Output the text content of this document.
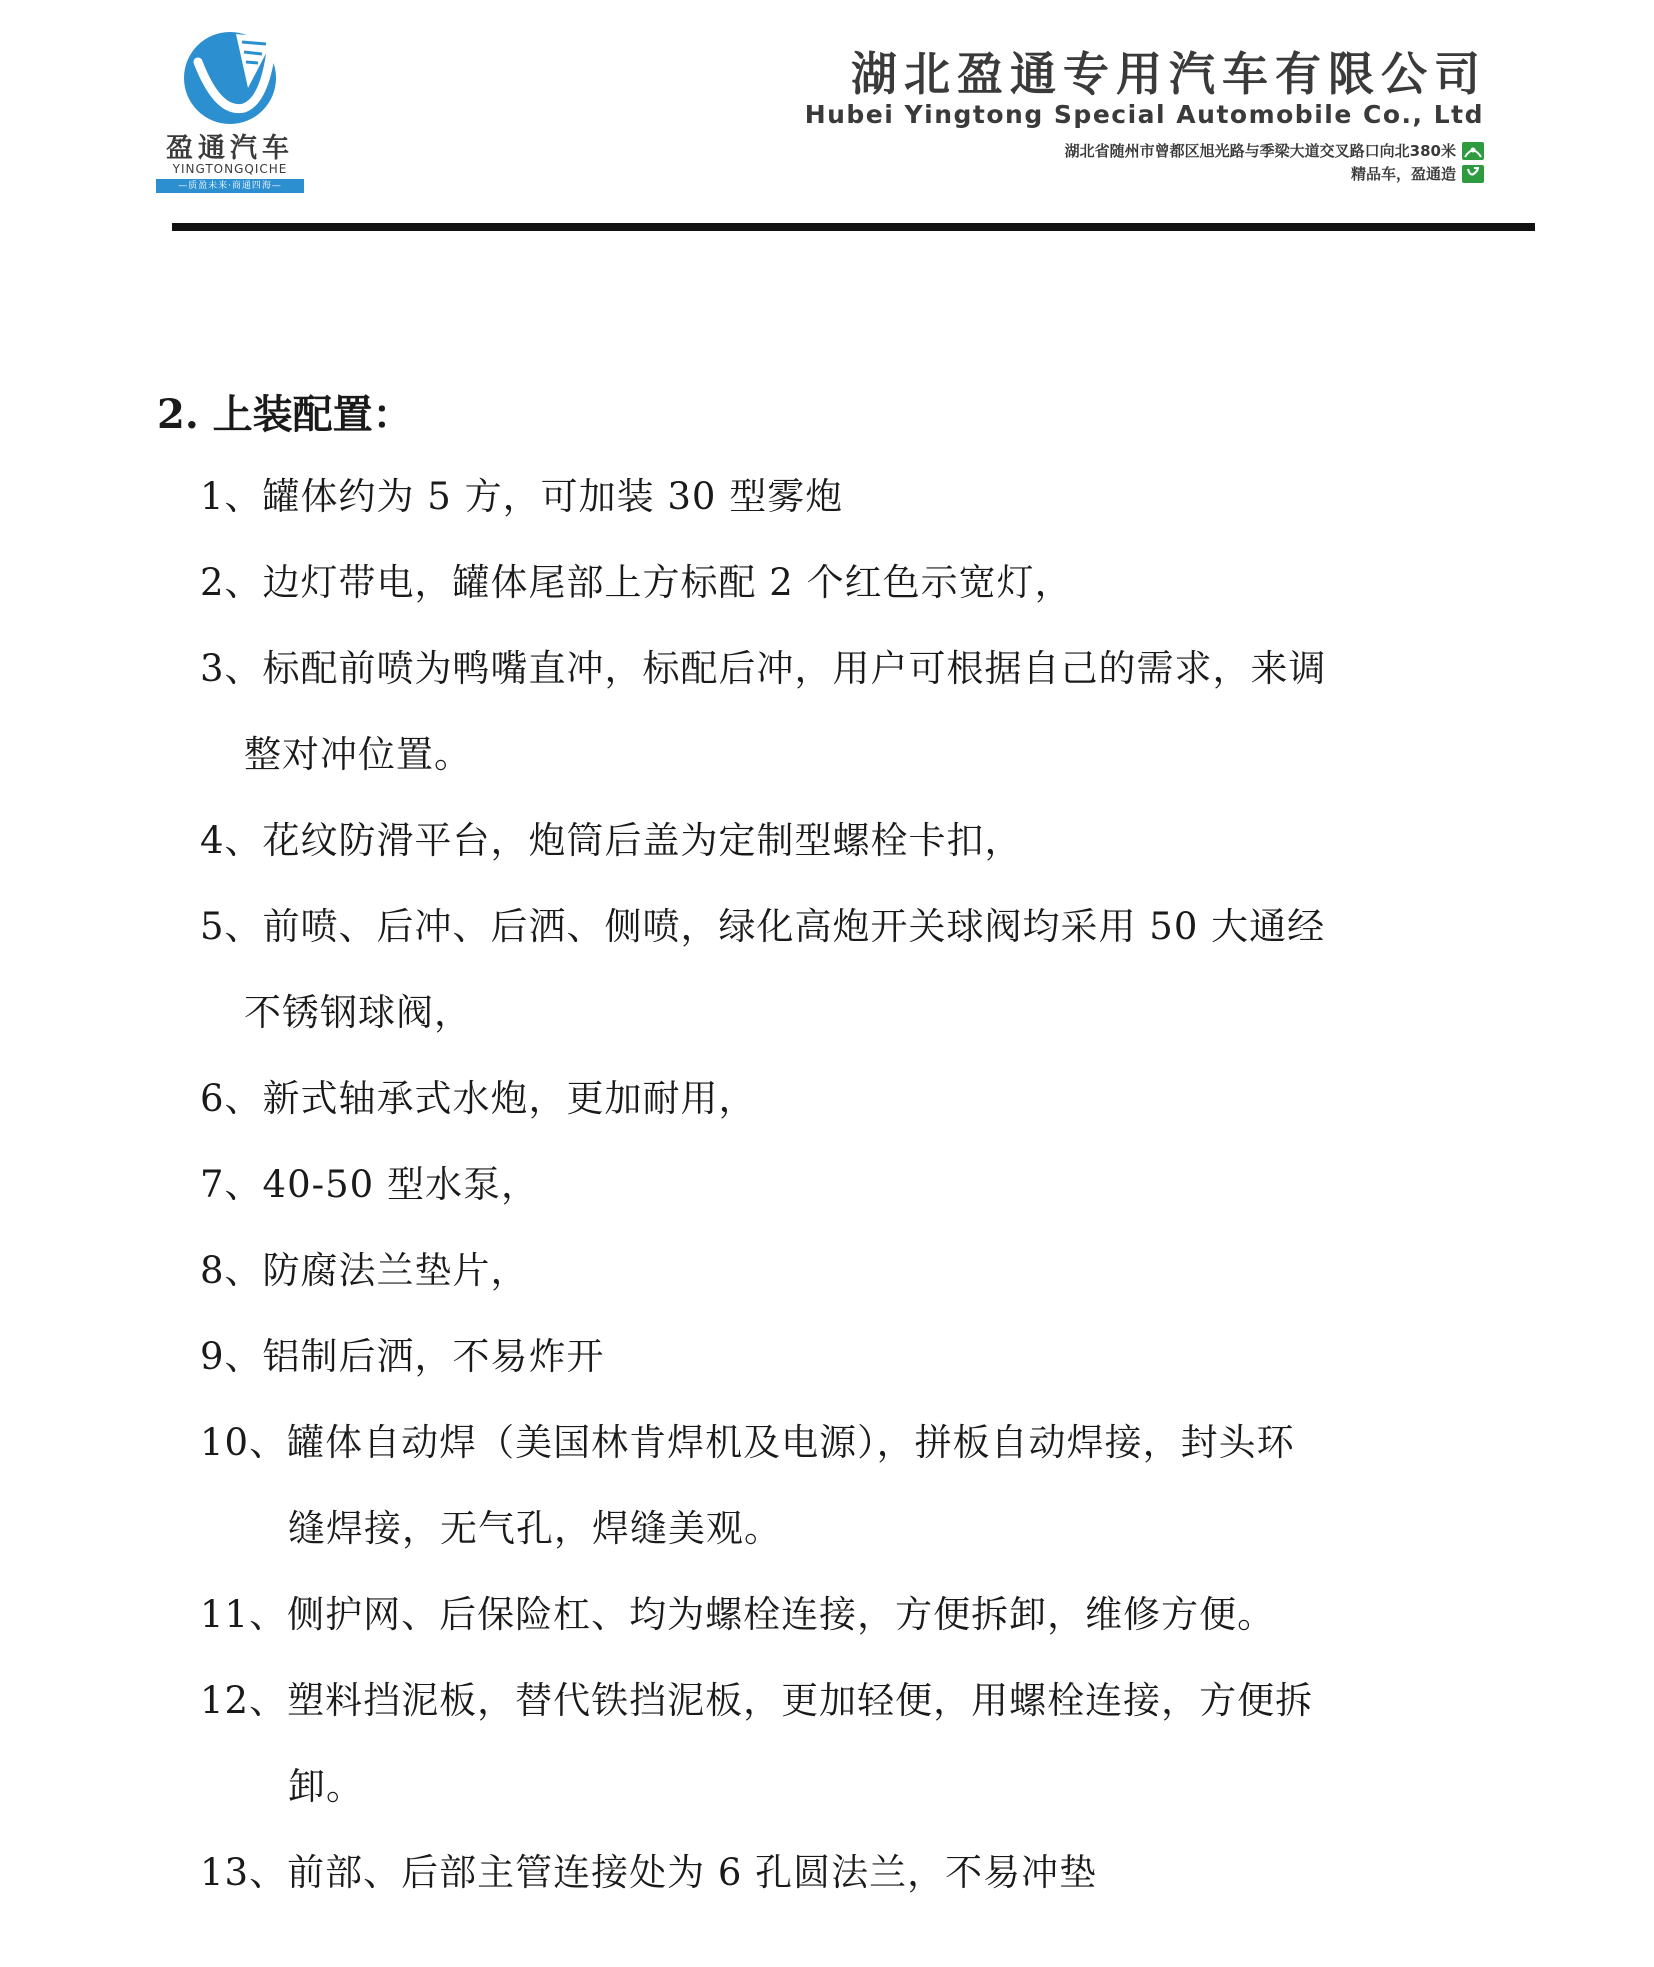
盈通汽车
YINGTONGQICHE
—质盈未来·商通四海—
湖北盈通专用汽车有限公司
Hubei Yingtong Special Automobile Co., Ltd
湖北省随州市曾都区旭光路与季梁大道交叉路口向北380米
精品车，盈通造
2. 上装配置：
1、罐体约为 5 方，可加装 30 型雾炮
2、边灯带电，罐体尾部上方标配 2 个红色示宽灯，
3、标配前喷为鸭嘴直冲，标配后冲，用户可根据自己的需求，来调
整对冲位置。
4、花纹防滑平台，炮筒后盖为定制型螺栓卡扣，
5、前喷、后冲、后洒、侧喷，绿化高炮开关球阀均采用 50 大通经
不锈钢球阀，
6、新式轴承式水炮，更加耐用，
7、40-50 型水泵，
8、防腐法兰垫片，
9、铝制后洒，不易炸开
10、罐体自动焊（美国林肯焊机及电源），拼板自动焊接，封头环
缝焊接，无气孔，焊缝美观。
11、侧护网、后保险杠、均为螺栓连接，方便拆卸，维修方便。
12、塑料挡泥板，替代铁挡泥板，更加轻便，用螺栓连接，方便拆
卸。
13、前部、后部主管连接处为 6 孔圆法兰，不易冲垫
